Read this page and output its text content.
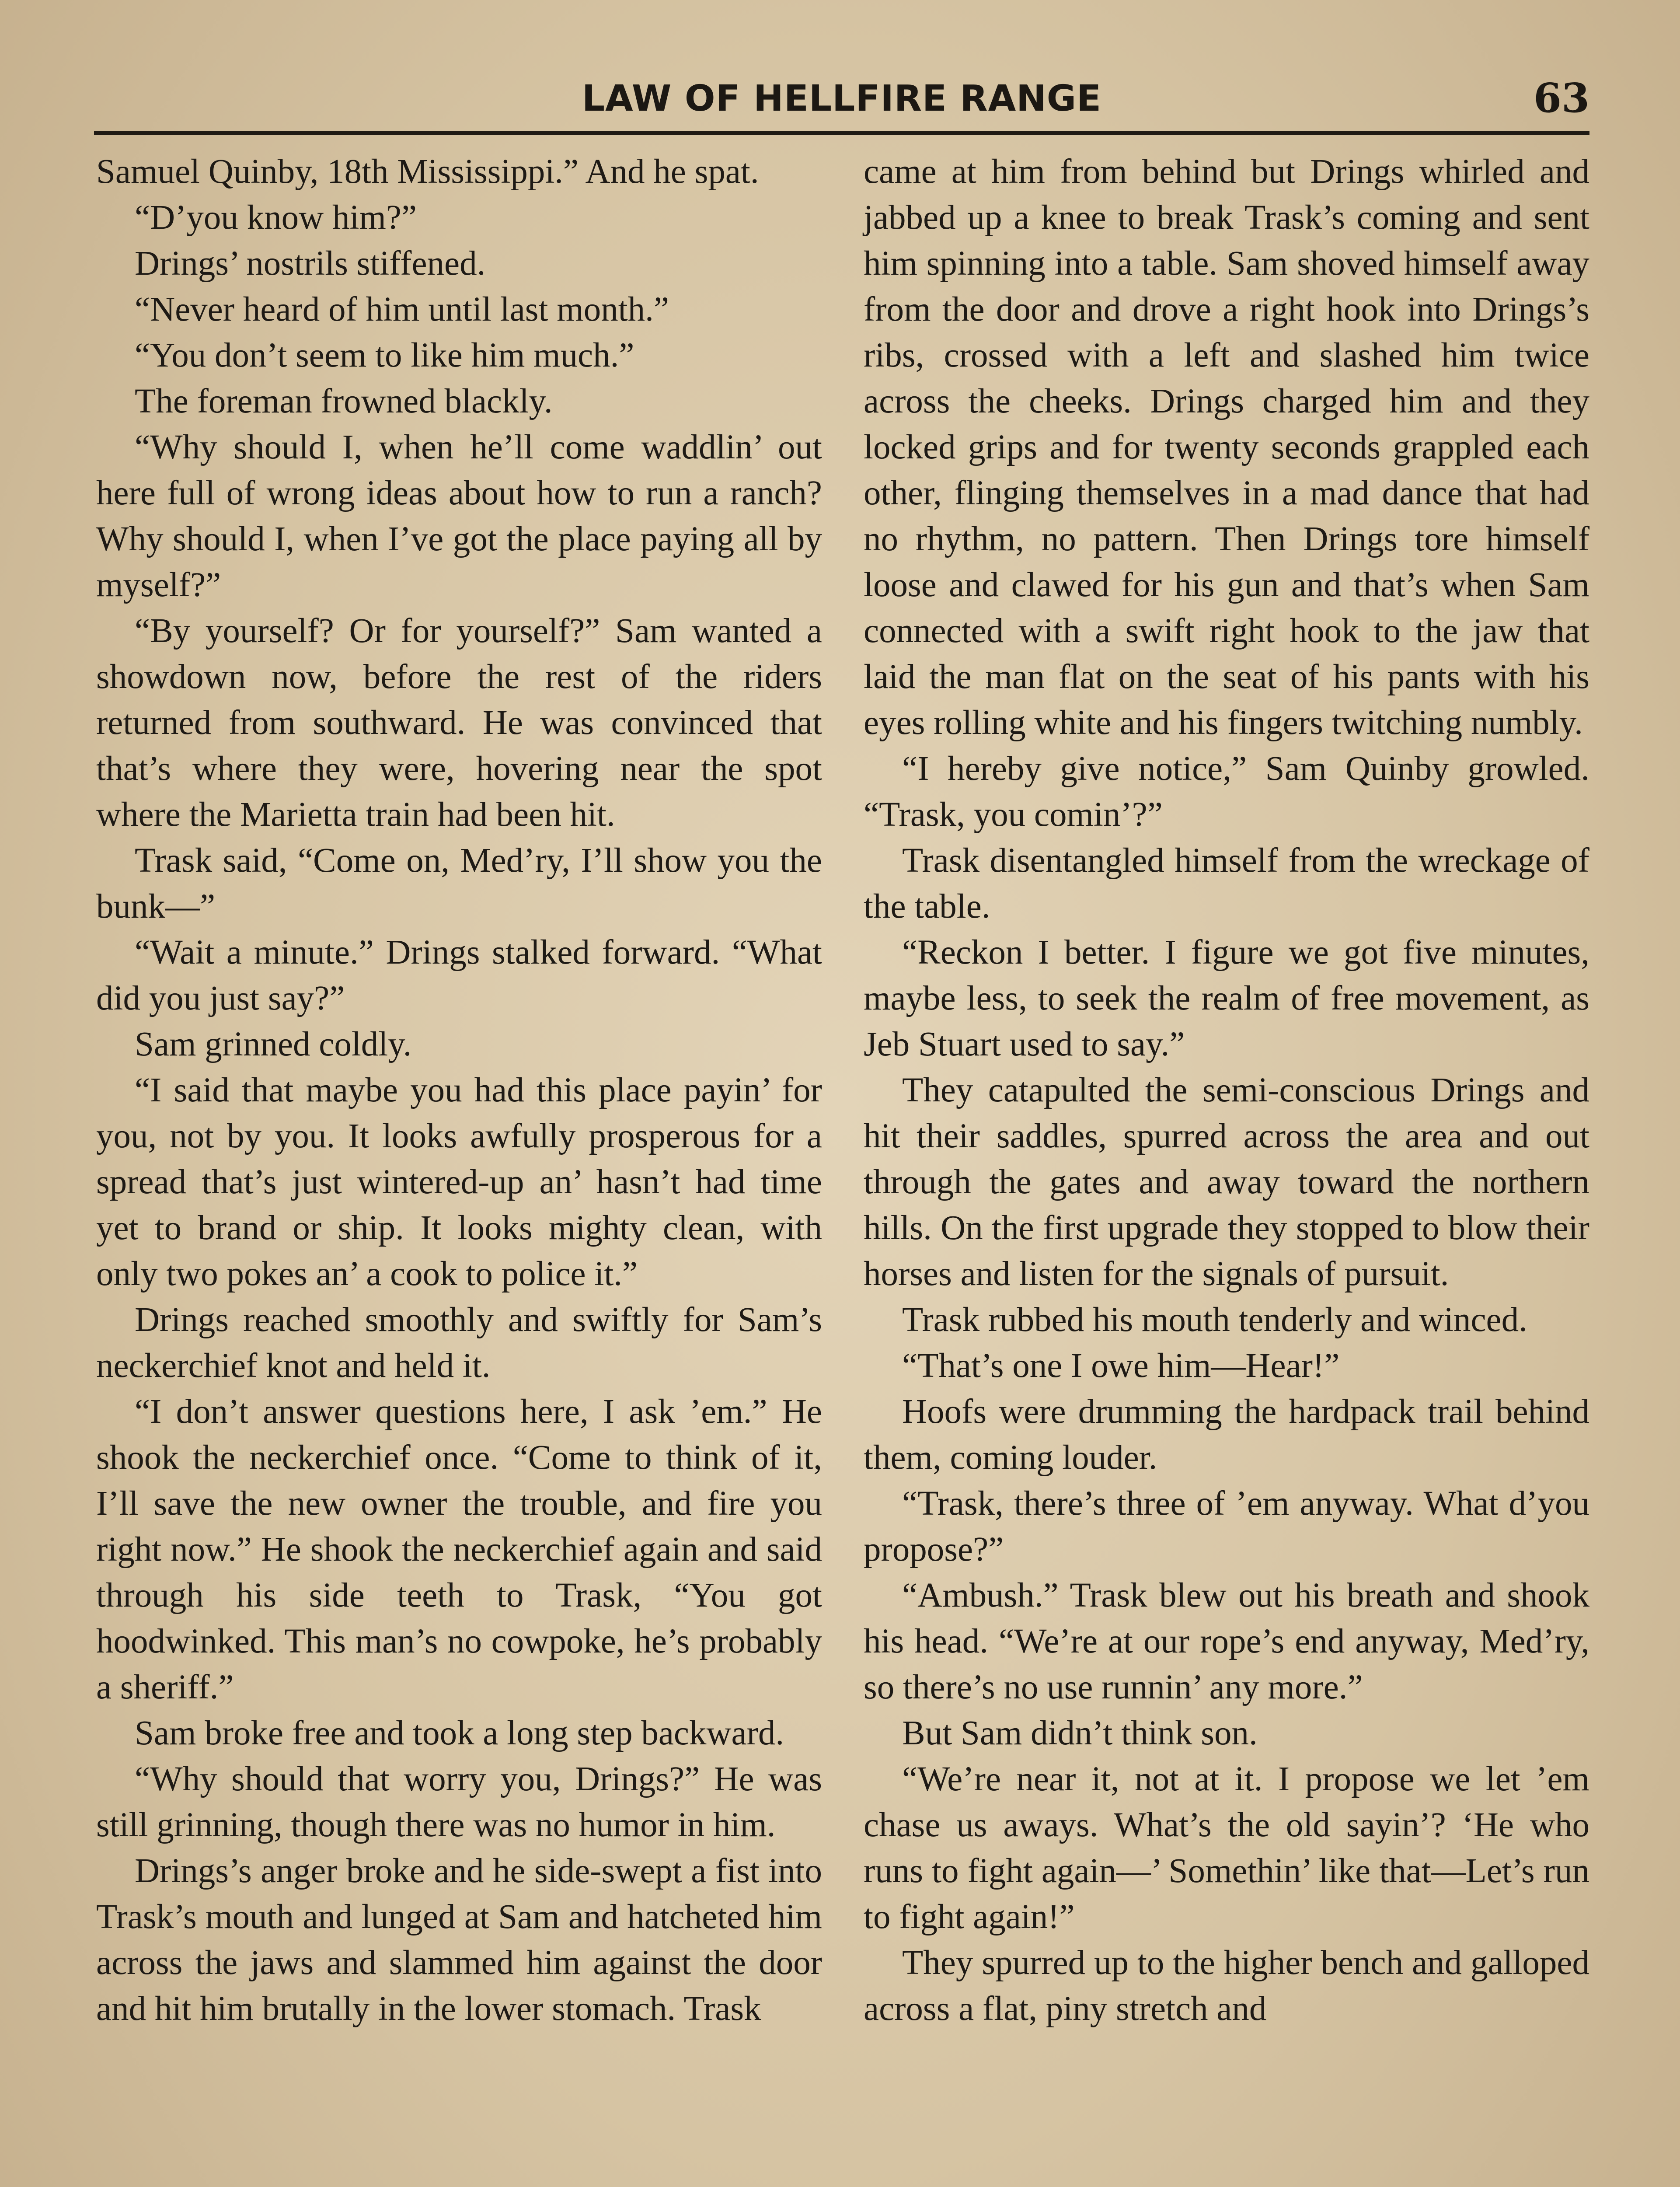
LAW OF HELLFIRE RANGE	63

Samuel Quinby, 18th Mississippi.” And he spat.

“D’you know him?”

Drings’ nostrils stiffened.

“Never heard of him until last month.”

“You don’t seem to like him much.”

The foreman frowned blackly.

“Why should I, when he’ll come waddlin’ out here full of wrong ideas about how to run a ranch? Why should I, when I’ve got the place paying all by myself?”

“By yourself? Or for yourself?” Sam wanted a showdown now, before the rest of the riders returned from southward. He was convinced that that’s where they were, hovering near the spot where the Marietta train had been hit.

Trask said, “Come on, Med’ry, I’ll show you the bunk—”

“Wait a minute.” Drings stalked forward. “What did you just say?”

Sam grinned coldly.

“I said that maybe you had this place payin’ for you, not by you. It looks awfully prosperous for a spread that’s just wintered-up an’ hasn’t had time yet to brand or ship. It looks mighty clean, with only two pokes an’ a cook to police it.”

Drings reached smoothly and swiftly for Sam’s neckerchief knot and held it.

“I don’t answer questions here, I ask ’em.” He shook the neckerchief once. “Come to think of it, I’ll save the new owner the trouble, and fire you right now.” He shook the neckerchief again and said through his side teeth to Trask, “You got hoodwinked. This man’s no cowpoke, he’s probably a sheriff.”

Sam broke free and took a long step backward.

“Why should that worry you, Drings?” He was still grinning, though there was no humor in him.

Drings’s anger broke and he side-swept a fist into Trask’s mouth and lunged at Sam and hatcheted him across the jaws and slammed him against the door and hit him brutally in the lower stomach. Trask

came at him from behind but Drings whirled and jabbed up a knee to break Trask’s coming and sent him spinning into a table. Sam shoved himself away from the door and drove a right hook into Drings’s ribs, crossed with a left and slashed him twice across the cheeks. Drings charged him and they locked grips and for twenty seconds grappled each other, flinging themselves in a mad dance that had no rhythm, no pattern. Then Drings tore himself loose and clawed for his gun and that’s when Sam connected with a swift right hook to the jaw that laid the man flat on the seat of his pants with his eyes rolling white and his fingers twitching numbly.

“I hereby give notice,” Sam Quinby growled. “Trask, you comin’?”

Trask disentangled himself from the wreckage of the table.

“Reckon I better. I figure we got five minutes, maybe less, to seek the realm of free movement, as Jeb Stuart used to say.”

They catapulted the semi-conscious Drings and hit their saddles, spurred across the area and out through the gates and away toward the northern hills. On the first upgrade they stopped to blow their horses and listen for the signals of pursuit.

Trask rubbed his mouth tenderly and winced.

“That’s one I owe him—Hear!”

Hoofs were drumming the hardpack trail behind them, coming louder.

“Trask, there’s three of ’em anyway. What d’you propose?”

“Ambush.” Trask blew out his breath and shook his head. “We’re at our rope’s end anyway, Med’ry, so there’s no use runnin’ any more.”

But Sam didn’t think son.

“We’re near it, not at it. I propose we let ’em chase us aways. What’s the old sayin’? ‘He who runs to fight again—’ Somethin’ like that—Let’s run to fight again!”

They spurred up to the higher bench and galloped across a flat, piny stretch and
